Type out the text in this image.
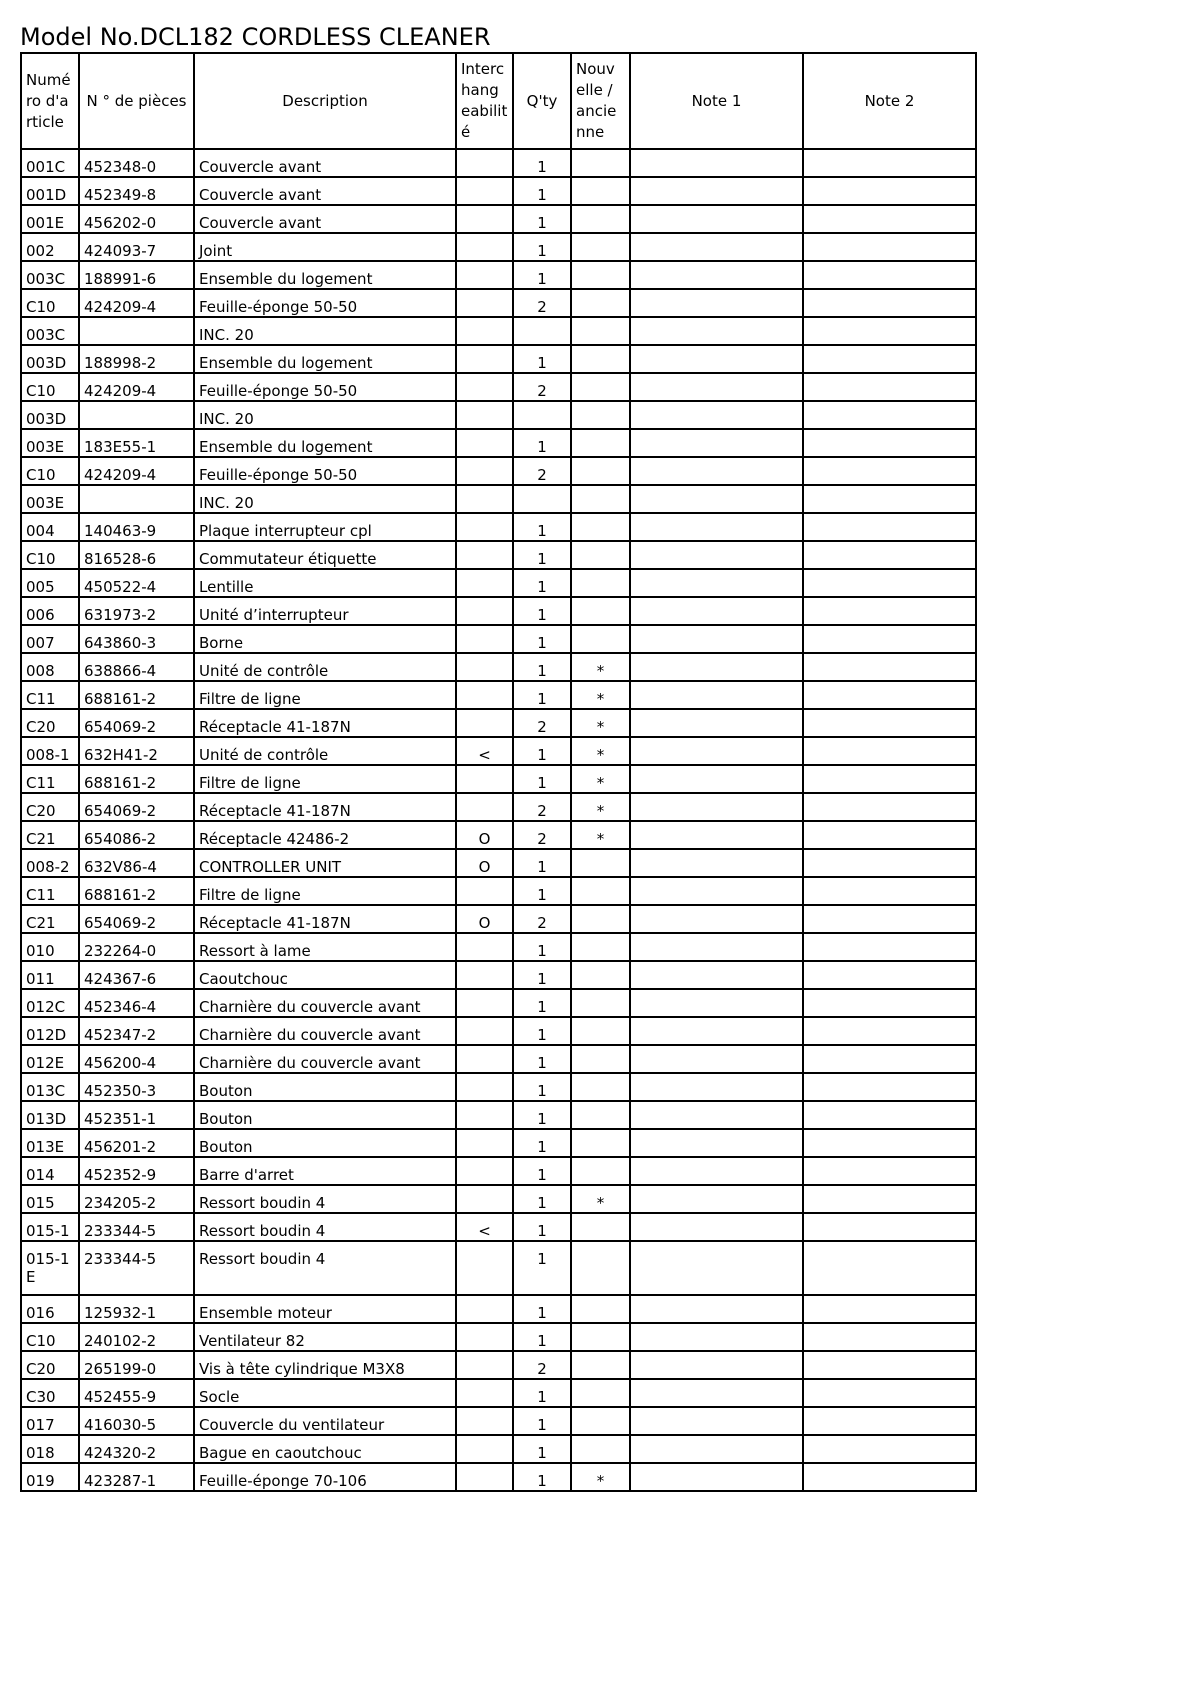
Model No.DCL182 CORDLESS CLEANER
Numé ro d'a rticle	N ° de pièces	Description	Interc hang eabilit é	Q'ty	Nouv elle / ancie nne	Note 1	Note 2
001C	452348-0	Couvercle avant		1			
001D	452349-8	Couvercle avant		1			
001E	456202-0	Couvercle avant		1			
002	424093-7	Joint		1			
003C	188991-6	Ensemble du logement		1			
C10	424209-4	Feuille-éponge 50-50		2			
003C		INC. 20					
003D	188998-2	Ensemble du logement		1			
C10	424209-4	Feuille-éponge 50-50		2			
003D		INC. 20					
003E	183E55-1	Ensemble du logement		1			
C10	424209-4	Feuille-éponge 50-50		2			
003E		INC. 20					
004	140463-9	Plaque interrupteur cpl		1			
C10	816528-6	Commutateur étiquette		1			
005	450522-4	Lentille		1			
006	631973-2	Unité d’interrupteur		1			
007	643860-3	Borne		1			
008	638866-4	Unité de contrôle		1	*		
C11	688161-2	Filtre de ligne		1	*		
C20	654069-2	Réceptacle 41-187N		2	*		
008-1	632H41-2	Unité de contrôle	<	1	*		
C11	688161-2	Filtre de ligne		1	*		
C20	654069-2	Réceptacle 41-187N		2	*		
C21	654086-2	Réceptacle 42486-2	O	2	*		
008-2	632V86-4	CONTROLLER UNIT	O	1			
C11	688161-2	Filtre de ligne		1			
C21	654069-2	Réceptacle 41-187N	O	2			
010	232264-0	Ressort à lame		1			
011	424367-6	Caoutchouc		1			
012C	452346-4	Charnière du couvercle avant		1			
012D	452347-2	Charnière du couvercle avant		1			
012E	456200-4	Charnière du couvercle avant		1			
013C	452350-3	Bouton		1			
013D	452351-1	Bouton		1			
013E	456201-2	Bouton		1			
014	452352-9	Barre d'arret		1			
015	234205-2	Ressort boudin 4		1	*		
015-1	233344-5	Ressort boudin 4	<	1			
015-1 E	233344-5	Ressort boudin 4		1			
016	125932-1	Ensemble moteur		1			
C10	240102-2	Ventilateur 82		1			
C20	265199-0	Vis à tête cylindrique M3X8		2			
C30	452455-9	Socle		1			
017	416030-5	Couvercle du ventilateur		1			
018	424320-2	Bague en caoutchouc		1			
019	423287-1	Feuille-éponge 70-106		1	*		
